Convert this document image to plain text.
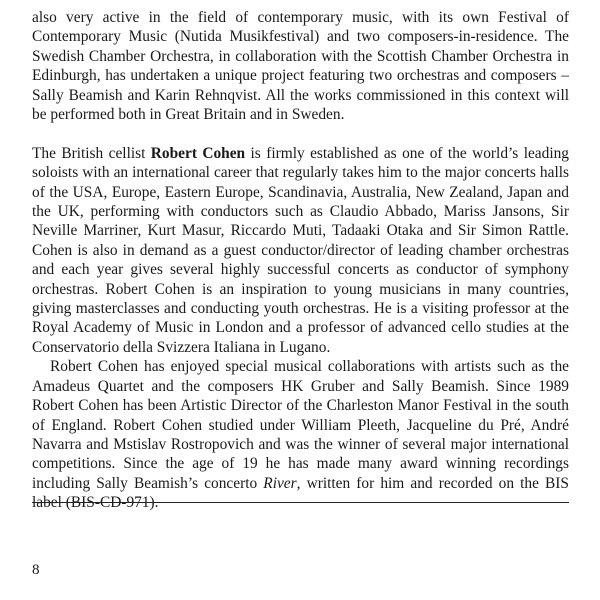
also very active in the field of contemporary music, with its own Festival of Contemporary Music (Nutida Musikfestival) and two composers-in-residence. The Swedish Chamber Orchestra, in collaboration with the Scottish Chamber Orchestra in Edinburgh, has undertaken a unique project featuring two orchestras and composers – Sally Beamish and Karin Rehnqvist. All the works commissioned in this context will be performed both in Great Britain and in Sweden.

The British cellist Robert Cohen is firmly established as one of the world’s leading soloists with an international career that regularly takes him to the major concerts halls of the USA, Europe, Eastern Europe, Scandinavia, Australia, New Zealand, Japan and the UK, performing with conductors such as Claudio Abbado, Mariss Jansons, Sir Neville Marriner, Kurt Masur, Riccardo Muti, Tadaaki Otaka and Sir Simon Rattle. Cohen is also in demand as a guest conductor/director of leading chamber orchestras and each year gives several highly successful concerts as conductor of symphony orchestras. Robert Cohen is an inspiration to young musicians in many countries, giving masterclasses and conducting youth orchestras. He is a visiting professor at the Royal Academy of Music in London and a professor of advanced cello studies at the Conservatorio della Svizzera Italiana in Lugano.

Robert Cohen has enjoyed special musical collaborations with artists such as the Amadeus Quartet and the composers HK Gruber and Sally Beamish. Since 1989 Robert Cohen has been Artistic Director of the Charleston Manor Festival in the south of England. Robert Cohen studied under William Pleeth, Jacqueline du Pré, André Navarra and Mstislav Rostropovich and was the winner of several major international competitions. Since the age of 19 he has made many award winning recordings including Sally Beamish’s concerto River, written for him and recorded on the BIS label (BIS-CD-971).

8
